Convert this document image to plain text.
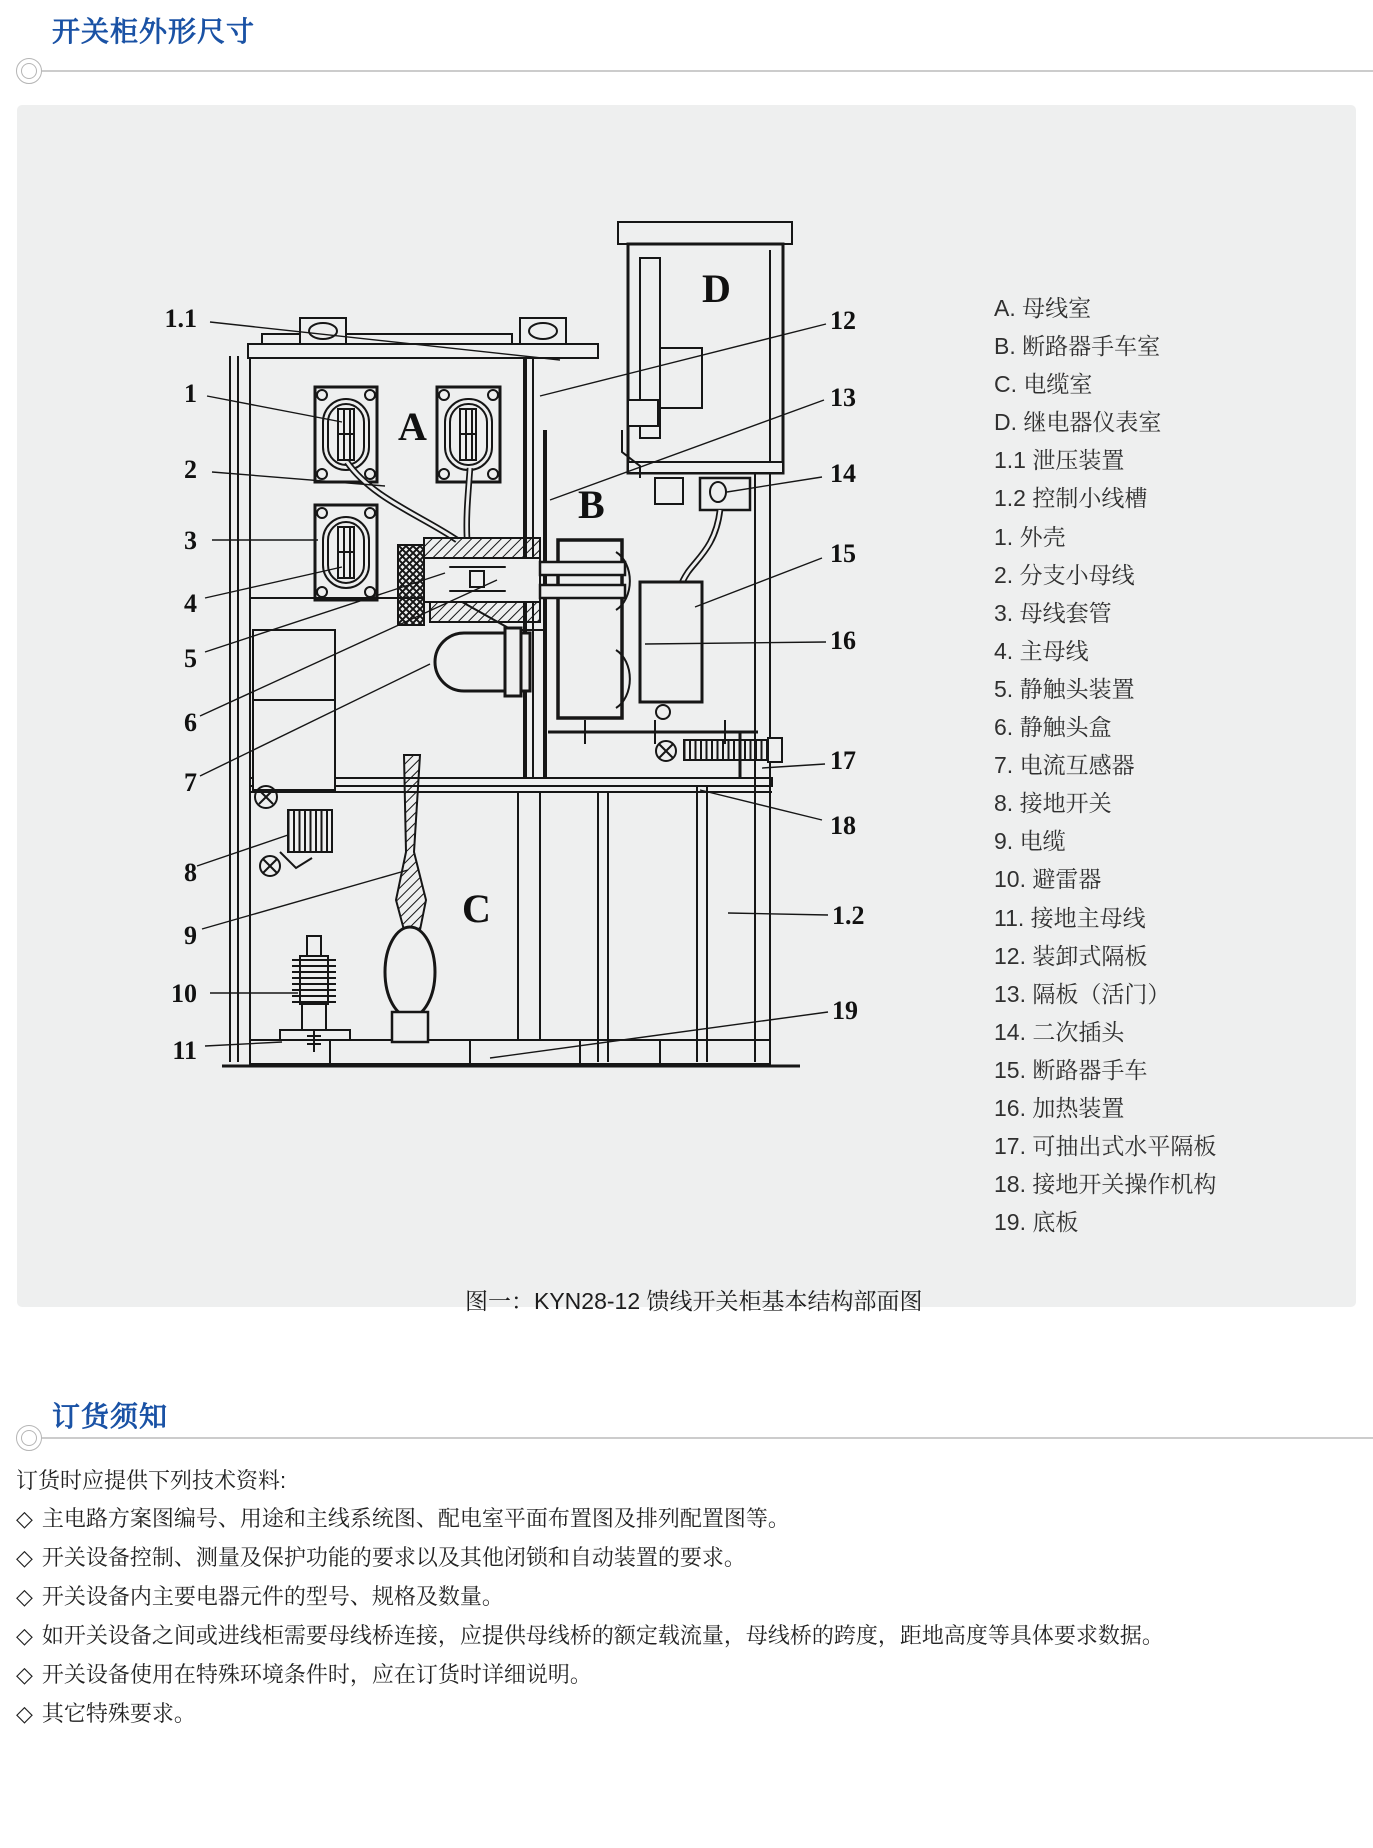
开关柜外形尺寸
1.1
1
2
3
4
5
6
7
8
9
10
11
12
13
14
15
16
17
18
1.2
19
A
B
C
D	A. 母线室
B. 断路器手车室
C. 电缆室
D. 继电器仪表室
1.1 泄压装置
1.2 控制小线槽
1. 外壳
2. 分支小母线
3. 母线套管
4. 主母线
5. 静触头装置
6. 静触头盒
7. 电流互感器
8. 接地开关
9. 电缆
10. 避雷器
11. 接地主母线
12. 装卸式隔板
13. 隔板（活门）
14. 二次插头
15. 断路器手车
16. 加热装置
17. 可抽出式水平隔板
18. 接地开关操作机构
19. 底板
图一：KYN28-12 馈线开关柜基本结构部面图
订货须知
订货时应提供下列技术资料:
◇ 主电路方案图编号、用途和主线系统图、配电室平面布置图及排列配置图等。
◇ 开关设备控制、测量及保护功能的要求以及其他闭锁和自动装置的要求。
◇ 开关设备内主要电器元件的型号、规格及数量。
◇ 如开关设备之间或进线柜需要母线桥连接，应提供母线桥的额定载流量，母线桥的跨度，距地高度等具体要求数据。
◇ 开关设备使用在特殊环境条件时，应在订货时详细说明。
◇ 其它特殊要求。
